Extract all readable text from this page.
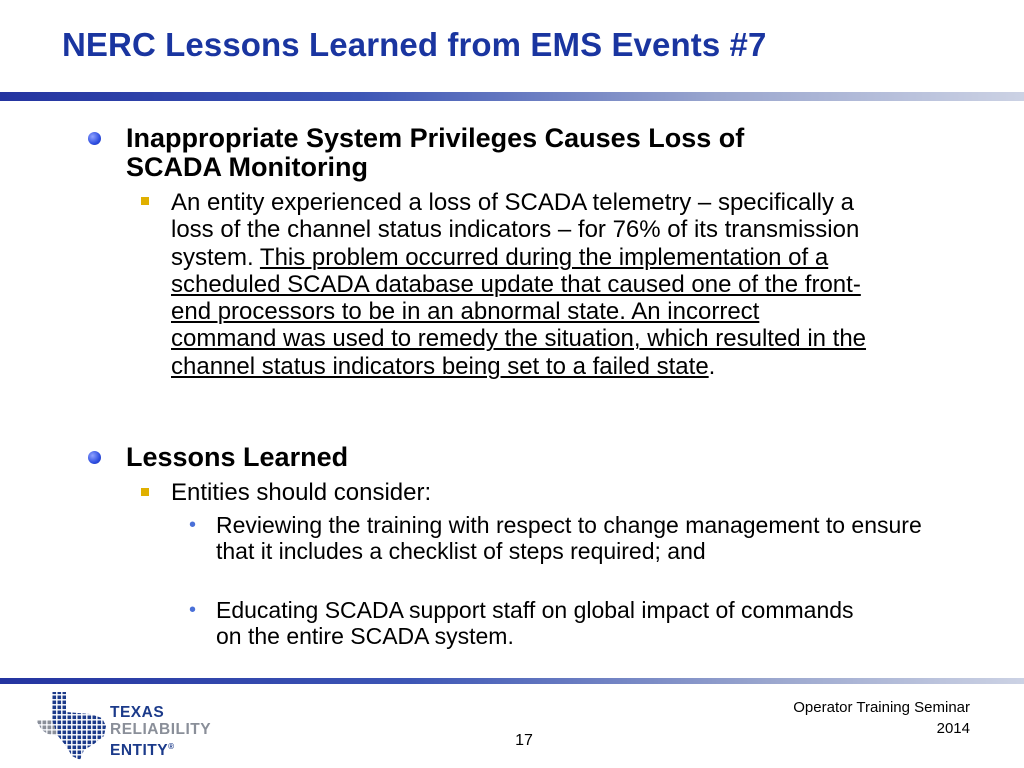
NERC Lessons Learned from EMS Events #7
Inappropriate System Privileges Causes Loss of
SCADA Monitoring
An entity experienced a loss of SCADA telemetry – specifically a loss of the channel status indicators – for 76% of its transmission system. This problem occurred during the implementation of a scheduled SCADA database update that caused one of the front-end processors to be in an abnormal state. An incorrect command was used to remedy the situation, which resulted in the channel status indicators being set to a failed state.
Lessons Learned
Entities should consider:
• Reviewing the training with respect to change management to ensure that it includes a checklist of steps required; and
• Educating SCADA support staff on global impact of commands on the entire SCADA system.
TEXAS
RELIABILITY
ENTITY®	17
Operator Training Seminar
2014
